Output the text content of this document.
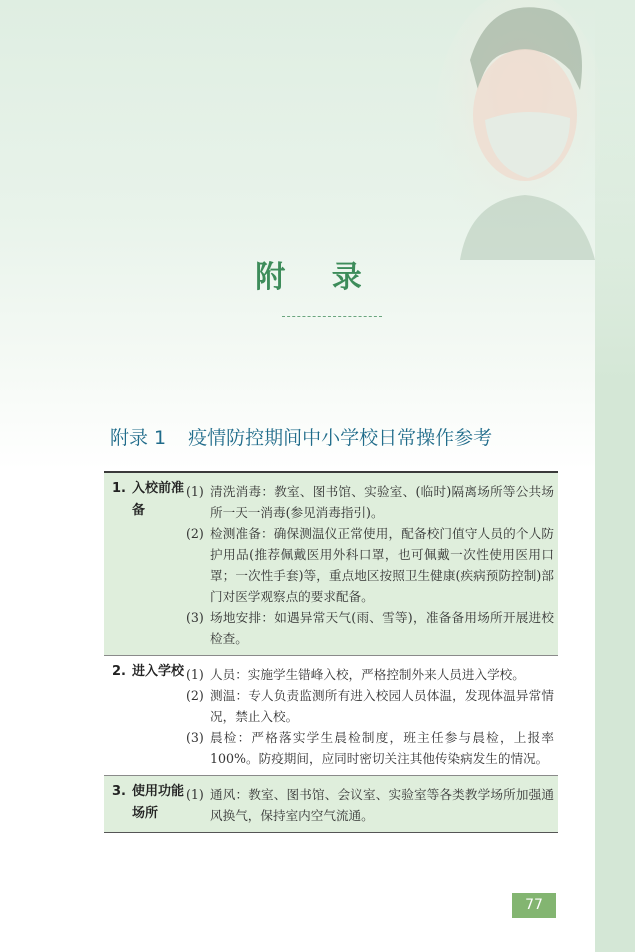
附 录
附录 1 疫情防控期间中小学校日常操作参考
1. 入校前准备
(1) 清洗消毒：教室、图书馆、实验室、(临时)隔离场所等公共场所一天一消毒(参见消毒指引)。
(2) 检测准备：确保测温仪正常使用，配备校门值守人员的个人防护用品(推荐佩戴医用外科口罩，也可佩戴一次性使用医用口罩；一次性手套)等，重点地区按照卫生健康(疾病预防控制)部门对医学观察点的要求配备。
(3) 场地安排：如遇异常天气(雨、雪等)，准备备用场所开展进校检查。
2. 进入学校 (1) 人员：实施学生错峰入校，严格控制外来人员进入学校。
(2) 测温：专人负责监测所有进入校园人员体温，发现体温异常情况，禁止入校。
(3) 晨检：严格落实学生晨检制度，班主任参与晨检，上报率 100%。防疫期间，应同时密切关注其他传染病发生的情况。
3. 使用功能场所
(1) 通风：教室、图书馆、会议室、实验室等各类教学场所加强通风换气，保持室内空气流通。
77
